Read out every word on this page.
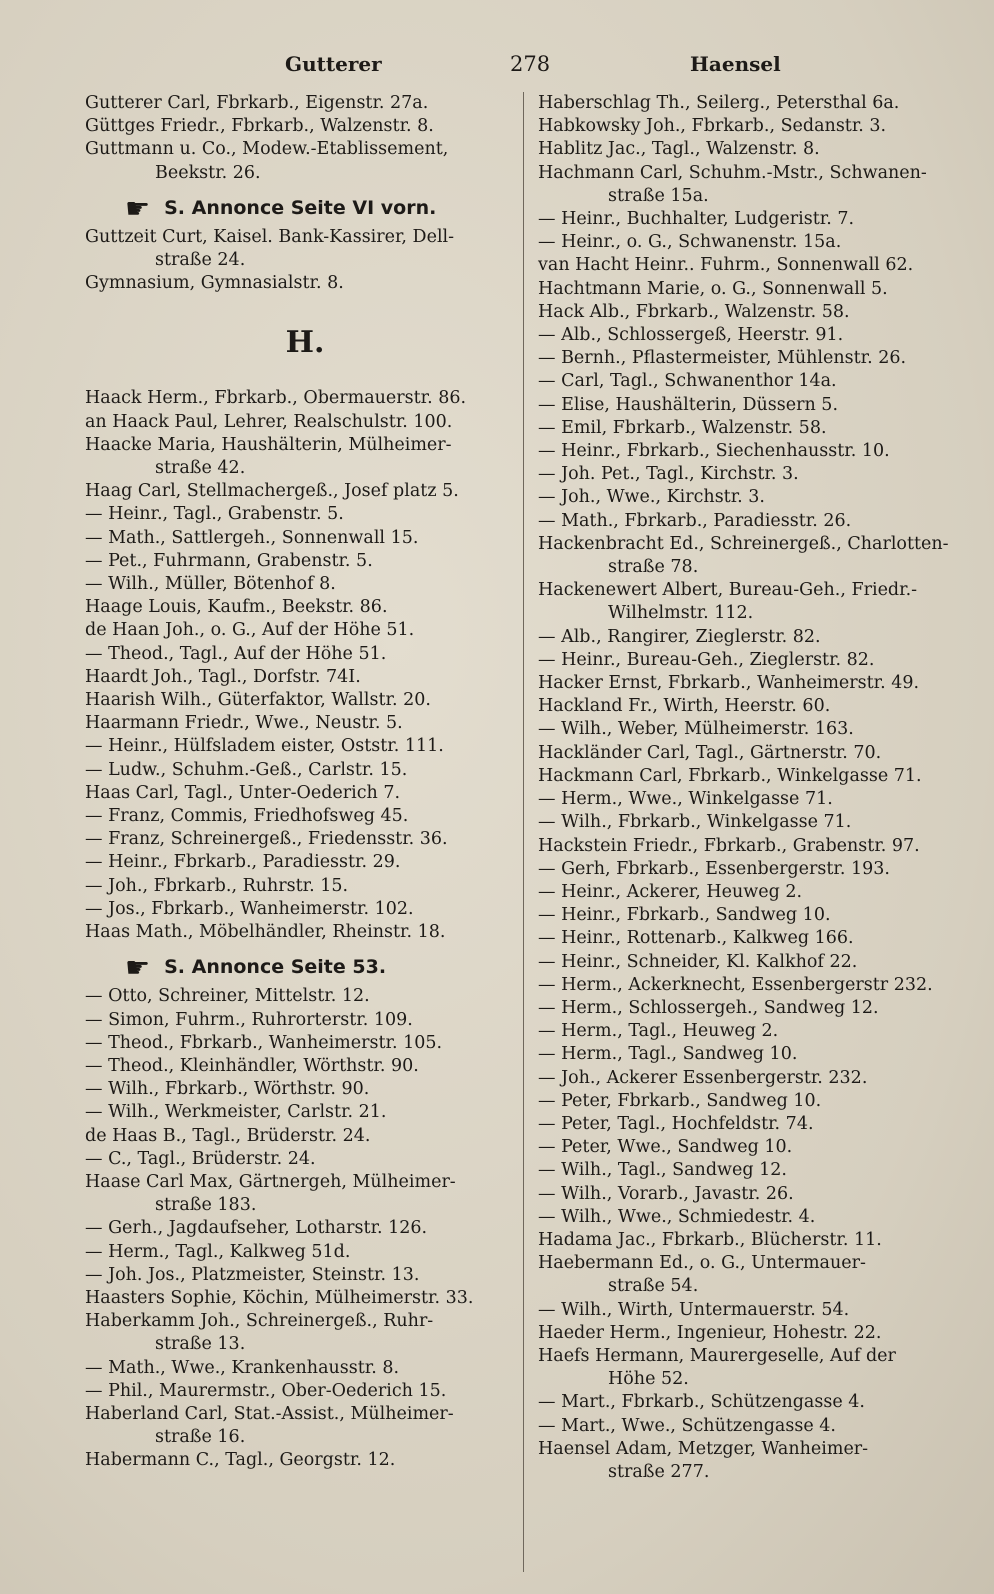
Gutterer	278	Haensel
Gutterer Carl, Fbrkarb., Eigenstr. 27a.
Güttges Friedr., Fbrkarb., Walzenstr. 8.
Guttmann u. Co., Modew.-Etablissement,
Beekstr. 26.
☛ S. Annonce Seite VI vorn.
Guttzeit Curt, Kaisel. Bank-Kassirer, Dell-
straße 24.
Gymnasium, Gymnasialstr. 8.
H.
Haack Herm., Fbrkarb., Obermauerstr. 86.
an Haack Paul, Lehrer, Realschulstr. 100.
Haacke Maria, Haushälterin, Mülheimer-
straße 42.
Haag Carl, Stellmachergeß., Josef platz 5.
— Heinr., Tagl., Grabenstr. 5.
— Math., Sattlergeh., Sonnenwall 15.
— Pet., Fuhrmann, Grabenstr. 5.
— Wilh., Müller, Bötenhof 8.
Haage Louis, Kaufm., Beekstr. 86.
de Haan Joh., o. G., Auf der Höhe 51.
— Theod., Tagl., Auf der Höhe 51.
Haardt Joh., Tagl., Dorfstr. 74I.
Haarish Wilh., Güterfaktor, Wallstr. 20.
Haarmann Friedr., Wwe., Neustr. 5.
— Heinr., Hülfsladem eister, Oststr. 111.
— Ludw., Schuhm.-Geß., Carlstr. 15.
Haas Carl, Tagl., Unter-Oederich 7.
— Franz, Commis, Friedhofsweg 45.
— Franz, Schreinergeß., Friedensstr. 36.
— Heinr., Fbrkarb., Paradiesstr. 29.
— Joh., Fbrkarb., Ruhrstr. 15.
— Jos., Fbrkarb., Wanheimerstr. 102.
Haas Math., Möbelhändler, Rheinstr. 18.
☛ S. Annonce Seite 53.
— Otto, Schreiner, Mittelstr. 12.
— Simon, Fuhrm., Ruhrorterstr. 109.
— Theod., Fbrkarb., Wanheimerstr. 105.
— Theod., Kleinhändler, Wörthstr. 90.
— Wilh., Fbrkarb., Wörthstr. 90.
— Wilh., Werkmeister, Carlstr. 21.
de Haas B., Tagl., Brüderstr. 24.
— C., Tagl., Brüderstr. 24.
Haase Carl Max, Gärtnergeh, Mülheimer-
straße 183.
— Gerh., Jagdaufseher, Lotharstr. 126.
— Herm., Tagl., Kalkweg 51d.
— Joh. Jos., Platzmeister, Steinstr. 13.
Haasters Sophie, Köchin, Mülheimerstr. 33.
Haberkamm Joh., Schreinergeß., Ruhr-
straße 13.
— Math., Wwe., Krankenhausstr. 8.
— Phil., Maurermstr., Ober-Oederich 15.
Haberland Carl, Stat.-Assist., Mülheimer-
straße 16.
Habermann C., Tagl., Georgstr. 12.
Haberschlag Th., Seilerg., Petersthal 6a.
Habkowsky Joh., Fbrkarb., Sedanstr. 3.
Hablitz Jac., Tagl., Walzenstr. 8.
Hachmann Carl, Schuhm.-Mstr., Schwanen-
straße 15a.
— Heinr., Buchhalter, Ludgeristr. 7.
— Heinr., o. G., Schwanenstr. 15a.
van Hacht Heinr.. Fuhrm., Sonnenwall 62.
Hachtmann Marie, o. G., Sonnenwall 5.
Hack Alb., Fbrkarb., Walzenstr. 58.
— Alb., Schlossergeß, Heerstr. 91.
— Bernh., Pflastermeister, Mühlenstr. 26.
— Carl, Tagl., Schwanenthor 14a.
— Elise, Haushälterin, Düssern 5.
— Emil, Fbrkarb., Walzenstr. 58.
— Heinr., Fbrkarb., Siechenhausstr. 10.
— Joh. Pet., Tagl., Kirchstr. 3.
— Joh., Wwe., Kirchstr. 3.
— Math., Fbrkarb., Paradiesstr. 26.
Hackenbracht Ed., Schreinergeß., Charlotten-
straße 78.
Hackenewert Albert, Bureau-Geh., Friedr.-
Wilhelmstr. 112.
— Alb., Rangirer, Zieglerstr. 82.
— Heinr., Bureau-Geh., Zieglerstr. 82.
Hacker Ernst, Fbrkarb., Wanheimerstr. 49.
Hackland Fr., Wirth, Heerstr. 60.
— Wilh., Weber, Mülheimerstr. 163.
Hackländer Carl, Tagl., Gärtnerstr. 70.
Hackmann Carl, Fbrkarb., Winkelgasse 71.
— Herm., Wwe., Winkelgasse 71.
— Wilh., Fbrkarb., Winkelgasse 71.
Hackstein Friedr., Fbrkarb., Grabenstr. 97.
— Gerh, Fbrkarb., Essenbergerstr. 193.
— Heinr., Ackerer, Heuweg 2.
— Heinr., Fbrkarb., Sandweg 10.
— Heinr., Rottenarb., Kalkweg 166.
— Heinr., Schneider, Kl. Kalkhof 22.
— Herm., Ackerknecht, Essenbergerstr 232.
— Herm., Schlossergeh., Sandweg 12.
— Herm., Tagl., Heuweg 2.
— Herm., Tagl., Sandweg 10.
— Joh., Ackerer Essenbergerstr. 232.
— Peter, Fbrkarb., Sandweg 10.
— Peter, Tagl., Hochfeldstr. 74.
— Peter, Wwe., Sandweg 10.
— Wilh., Tagl., Sandweg 12.
— Wilh., Vorarb., Javastr. 26.
— Wilh., Wwe., Schmiedestr. 4.
Hadama Jac., Fbrkarb., Blücherstr. 11.
Haebermann Ed., o. G., Untermauer-
straße 54.
— Wilh., Wirth, Untermauerstr. 54.
Haeder Herm., Ingenieur, Hohestr. 22.
Haefs Hermann, Maurergeselle, Auf der
Höhe 52.
— Mart., Fbrkarb., Schützengasse 4.
— Mart., Wwe., Schützengasse 4.
Haensel Adam, Metzger, Wanheimer-
straße 277.
